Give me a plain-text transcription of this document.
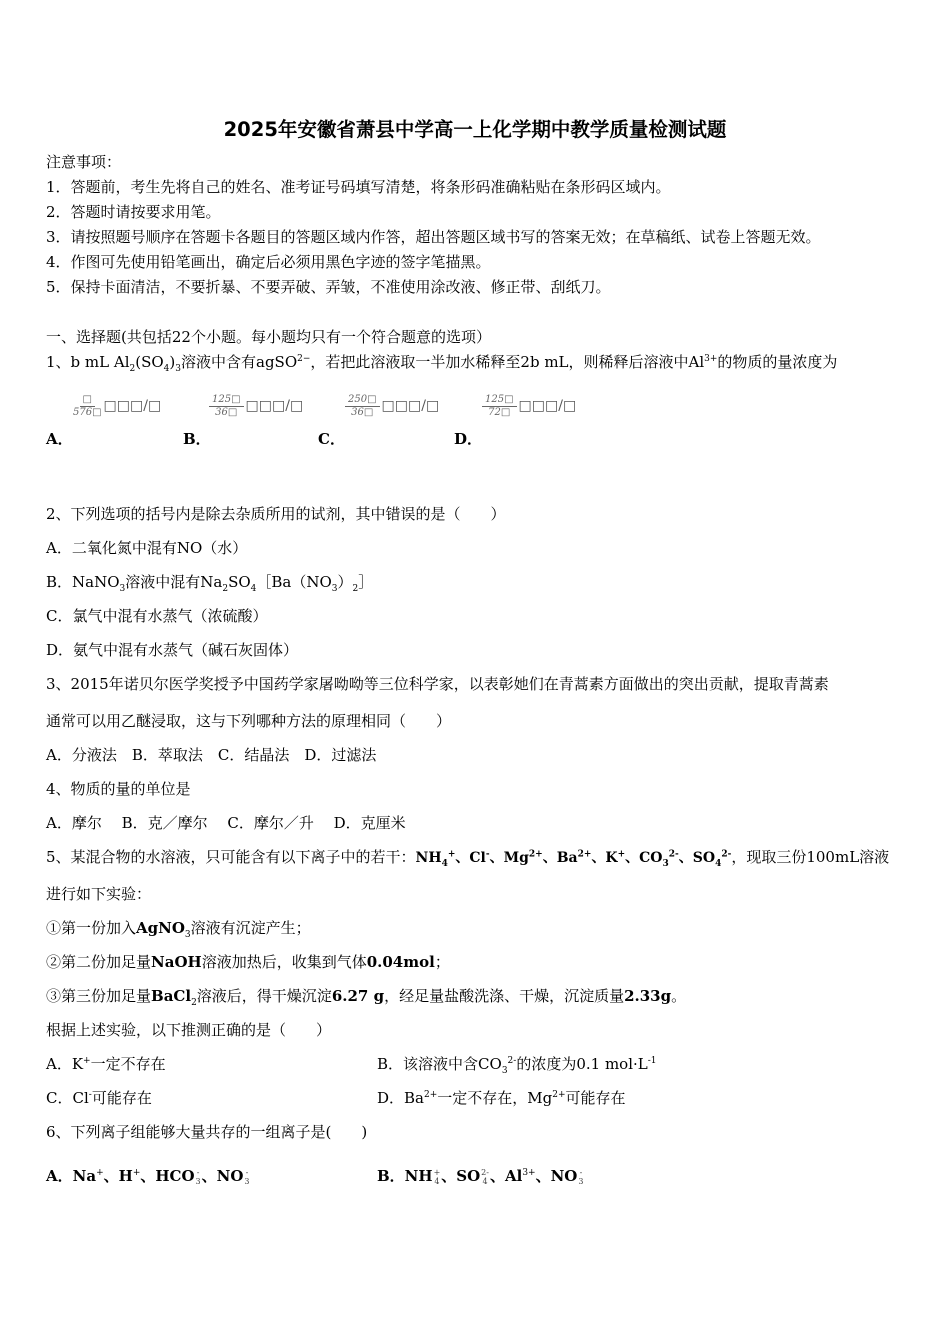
2025年安徽省萧县中学高一上化学期中教学质量检测试题
注意事项：
1．答题前，考生先将自己的姓名、准考证号码填写清楚，将条形码准确粘贴在条形码区域内。
2．答题时请按要求用笔。
3．请按照题号顺序在答题卡各题目的答题区域内作答，超出答题区域书写的答案无效；在草稿纸、试卷上答题无效。
4．作图可先使用铅笔画出，确定后必须用黑色字迹的签字笔描黑。
5．保持卡面清洁，不要折暴、不要弄破、弄皱，不准使用涂改液、修正带、刮纸刀。
一、选择题(共包括22个小题。每小题均只有一个符合题意的选项）
1、b mL $Al_2(SO_4)_3$溶液中含有agSO$^{2-}$，若把此溶液取一半加水稀释至2b mL，则稀释后溶液中$Al^{3+}$的物质的量浓度为
$\frac{□}{576□}$ □□□/□	$\frac{125□}{36□}$ □□□/□	$\frac{250□}{36□}$ □□□/□	$\frac{125□}{72□}$ □□□/□
A．	B．	C．	D．
2、下列选项的括号内是除去杂质所用的试剂，其中错误的是（　　）
A．二氧化氮中混有NO（水）
B．NaNO$_3$溶液中混有$Na_2SO_4[Ba(NO_3)_2]$
C．氯气中混有水蒸气（浓硫酸）
D．氨气中混有水蒸气（碱石灰固体）
3、2015年诺贝尔医学奖授予中国药学家屠呦呦等三位科学家，以表彰她们在青蒿素方面做出的突出贡献，提取青蒿素
通常可以用乙醚浸取，这与下列哪种方法的原理相同（　　）
A．分液法　B．萃取法　C．结晶法　D．过滤法
4、物质的量的单位是
A．摩尔　 B．克／摩尔　 C．摩尔／升　 D．克厘米
5、某混合物的水溶液，只可能含有以下离子中的若干：$NH_4^+$、Cl-、$Mg^{2+}$、$Ba^{2+}$、K+、$CO_3^{2-}$、$SO_4^{2-}$，现取三份100mL溶液
进行如下实验：
①第一份加入AgNO$_3$溶液有沉淀产生；
②第二份加足量NaOH溶液加热后，收集到气体0.04mol；
③第三份加足量BaCl$_2$溶液后，得干燥沉淀6.27 g，经足量盐酸洗涤、干燥，沉淀质量2.33g。
根据上述实验，以下推测正确的是（　　）
A．K+一定不存在	B．该溶液中含$CO_3^{2-}$的浓度为0.1 $mol\cdot L^{-1}$
C．Cl-可能存在	D．$Ba^{2+}$一定不存在，$Mg^{2+}$可能存在
6、下列离子组能够大量共存的一组离子是(　　)
A．Na+、H+、HCO -
3 、NO -
3	B．NH +
4 、SO 2-
4 、$Al^{3+}$、NO -
3
